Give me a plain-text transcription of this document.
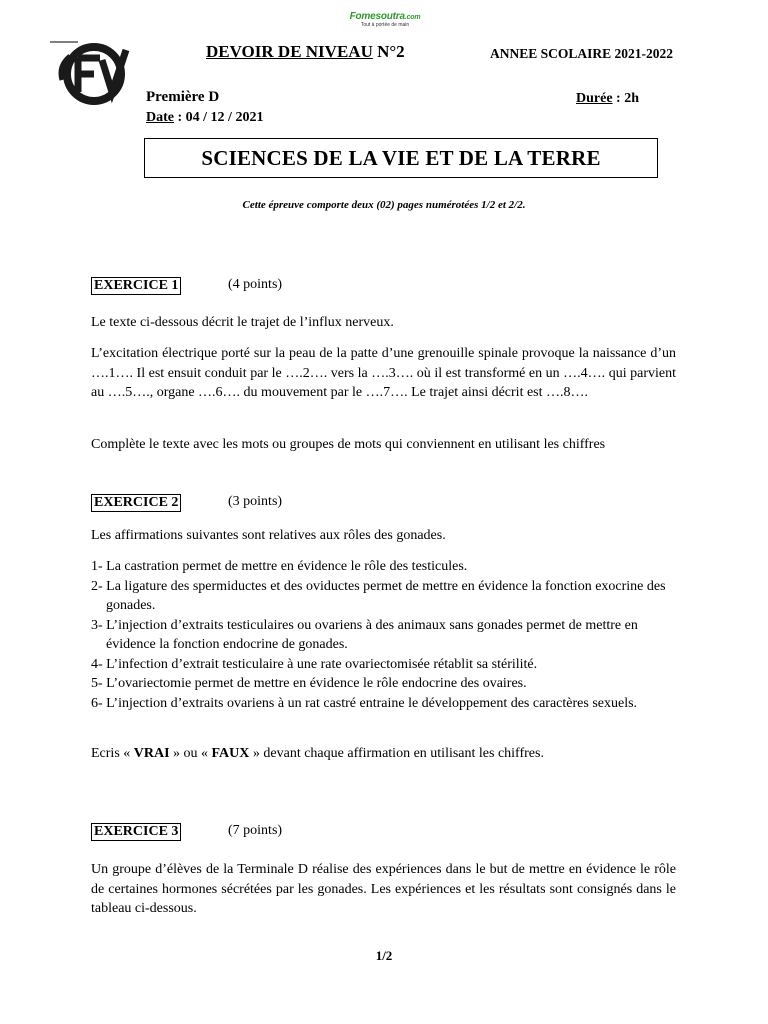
Fomesoutra.com
Tout à portée de main
DEVOIR DE NIVEAU N°2	ANNEE SCOLAIRE 2021-2022
Première D	Durée : 2h
Date : 04 / 12 / 2021
SCIENCES DE LA VIE ET DE LA TERRE
Cette épreuve comporte deux (02) pages numérotées 1/2 et 2/2.
EXERCICE 1	(4 points)
Le texte ci-dessous décrit le trajet de l’influx nerveux.
L’excitation électrique porté sur la peau de la patte d’une grenouille spinale provoque la naissance d’un ….1…. Il est ensuit conduit par le ….2…. vers la ….3…. où il est transformé en un ….4…. qui parvient au ….5…., organe ….6…. du mouvement par le ….7…. Le trajet ainsi décrit est ….8….
Complète le texte avec les mots ou groupes de mots qui conviennent en utilisant les chiffres
EXERCICE 2	(3 points)
Les affirmations suivantes sont relatives aux rôles des gonades.
1- La castration permet de mettre en évidence le rôle des testicules.
2- La ligature des spermiductes et des oviductes permet de mettre en évidence la fonction exocrine des gonades.
3- L’injection d’extraits testiculaires ou ovariens à des animaux sans gonades permet de mettre en évidence la fonction endocrine de gonades.
4- L’infection d’extrait testiculaire à une rate ovariectomisée rétablit sa stérilité.
5- L’ovariectomie permet de mettre en évidence le rôle endocrine des ovaires.
6- L’injection d’extraits ovariens à un rat castré entraine le développement des caractères sexuels.
Ecris « VRAI » ou « FAUX » devant chaque affirmation en utilisant les chiffres.
EXERCICE 3	(7 points)
Un groupe d’élèves de la Terminale D réalise des expériences dans le but de mettre en évidence le rôle de certaines hormones sécrétées par les gonades. Les expériences et les résultats sont consignés dans le tableau ci-dessous.
1/2
